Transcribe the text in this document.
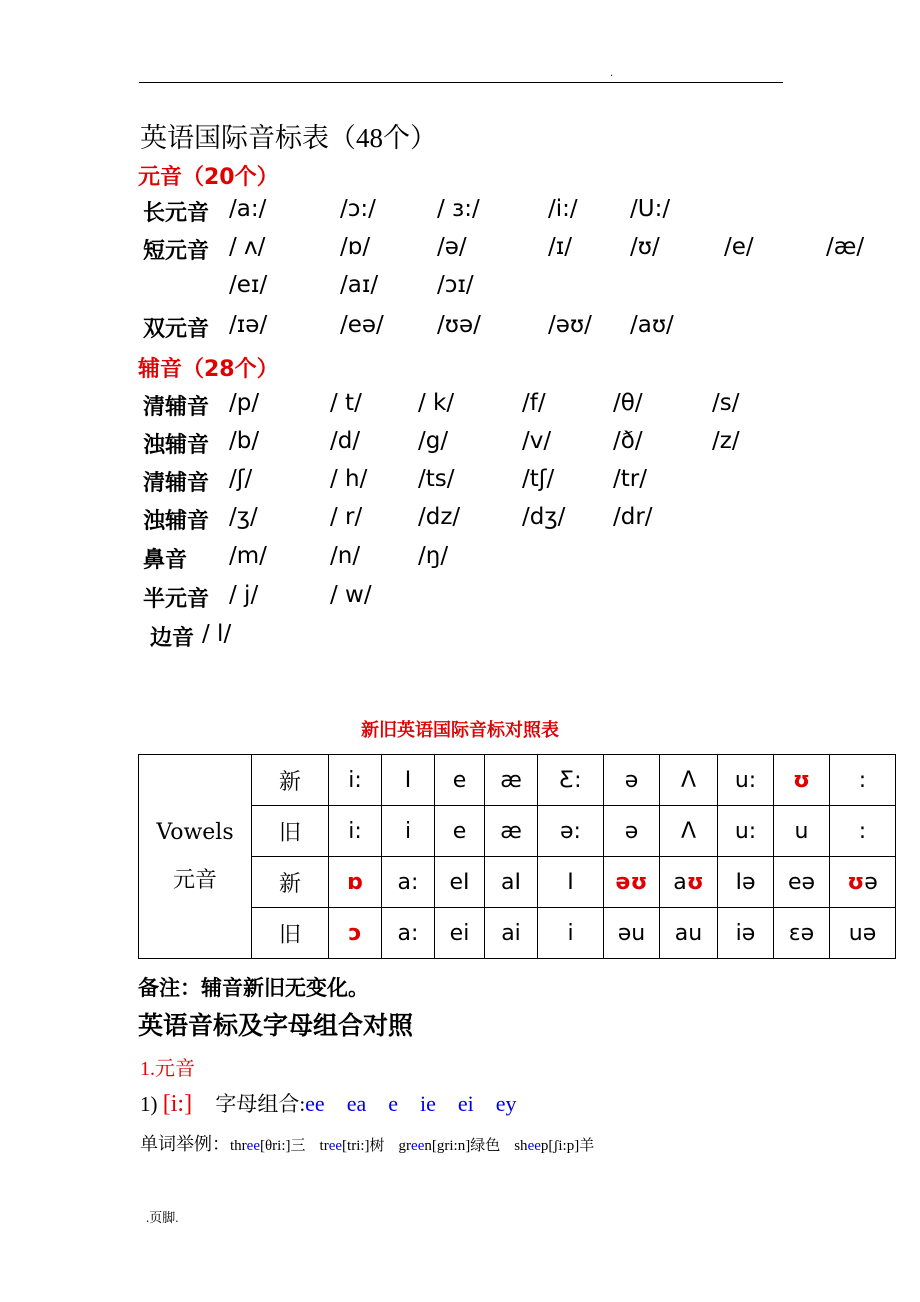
.
英语国际音标表（48个）
元音（20个）
长元音 /a:/	/ɔ:/	/ ɜ:/	/i:/ /U:/
短元音 / ʌ/	/ɒ/	/ə/	/ɪ/	/ʊ/	/e/	/æ/
/eɪ/	/aɪ/	/ɔɪ/
双元音 /ɪə/	/eə/ /ʊə/	/əʊ/ /aʊ/
辅音（28个）
清辅音 /p/	/ t/ / k/	/f/	/θ/	/s/
浊辅音 /b/	/d/	/g/	/v/	/ð/	/z/
清辅音 /ʃ/	/ h/ /ts/	/tʃ/	/tr/
浊辅音 /ʒ/	/ r/ /dz/	/dʒ/ /dr/
鼻音 /m/	/n/	/ŋ/
半元音 / j/	/ w/
边音 / l/
新旧英语国际音标对照表
Vowels
元音	新	i:	I	e	æ	Ƹ:	ə	Λ	u:	ʊ	:
	旧	i:	i	e	æ	ə:	ə	Λ	u:	u	:
	新	ɒ	a:	eI	aI	I	əʊ	aʊ	Iə	eə	ʊə
	旧	ɔ	a:	ei	ai	i	əu	au	iə	ɛə	uə
备注：辅音新旧无变化。
英语音标及字母组合对照
1.元音
1) [i:] 字母组合:ee ea e ie ei ey
单词举例：three[θri:]三 tree[tri:]树 green[gri:n]绿色 sheep[ʃi:p]羊
.页脚.
